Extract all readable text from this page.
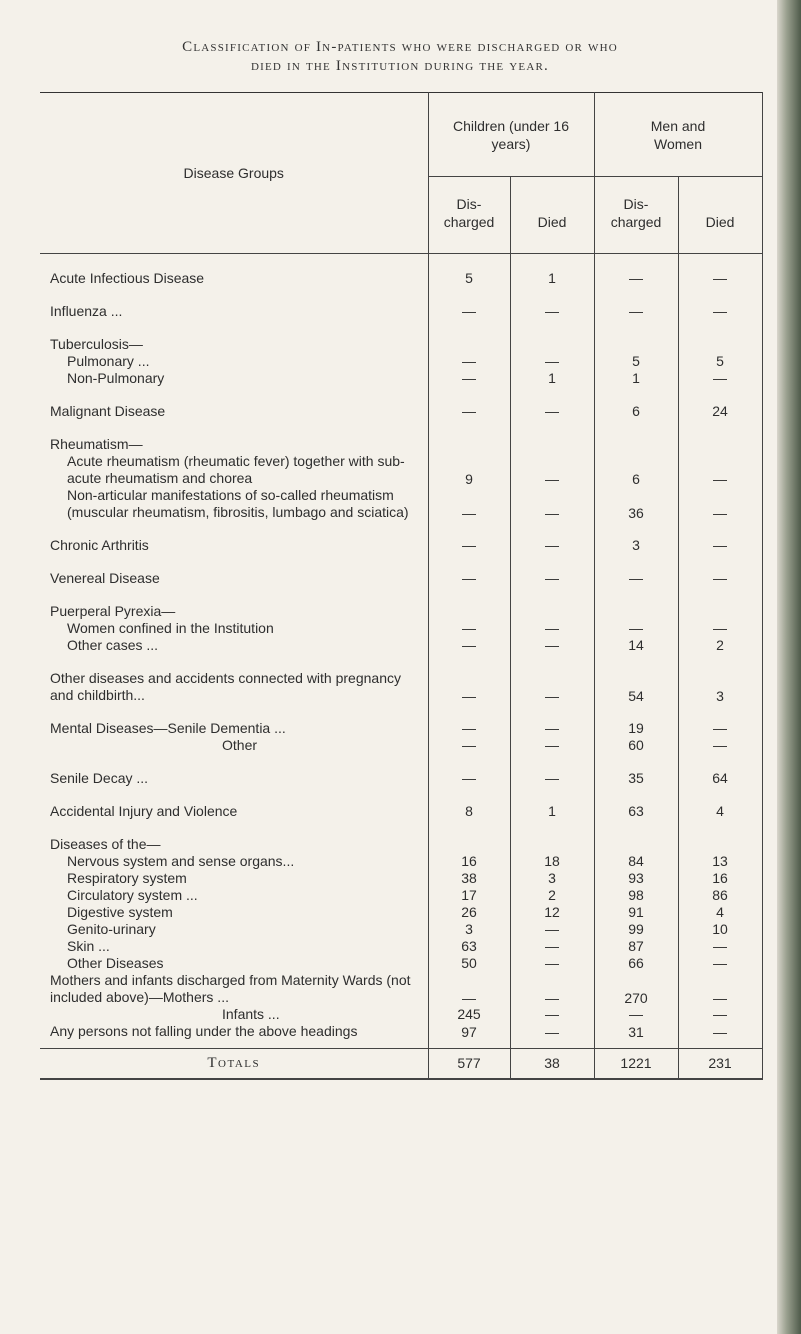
Classification of In-patients who were discharged or who
died in the Institution during the year.
Disease Groups	Children (under 16 years)		Men and Women	
	Dis- charged	Died	Dis- charged	Died

Acute Infectious Disease	5	1	—	—

Influenza ...	—	—	—	—

Tuberculosis—				
Pulmonary ...	—	—	5	5
Non-Pulmonary	—	1	1	—

Malignant Disease	—	—	6	24

Rheumatism—				
Acute rheumatism (rheumatic fever) together with sub-acute rheumatism and chorea	9	—	6	—
Non-articular manifestations of so-called rheumatism (muscular rheumatism, fibrositis, lumbago and sciatica)	—	—	36	—

Chronic Arthritis	—	—	3	—

Venereal Disease	—	—	—	—

Puerperal Pyrexia—				
Women confined in the Institution	—	—	—	—
Other cases ...	—	—	14	2

Other diseases and accidents connected with pregnancy and childbirth...	—	—	54	3

Mental Diseases—Senile Dementia ...	—	—	19	—
Other	—	—	60	—

Senile Decay ...	—	—	35	64

Accidental Injury and Violence	8	1	63	4

Diseases of the—				
Nervous system and sense organs...	16	18	84	13
Respiratory system	38	3	93	16
Circulatory system ...	17	2	98	86
Digestive system	26	12	91	4
Genito-urinary	3	—	99	10
Skin ...	63	—	87	—
Other Diseases	50	—	66	—
Mothers and infants discharged from Maternity Wards (not included above)—Mothers ...	—	—	270	—
Infants ...	245	—	—	—
Any persons not falling under the above headings	97	—	31	—
Totals	577	38	1221	231
